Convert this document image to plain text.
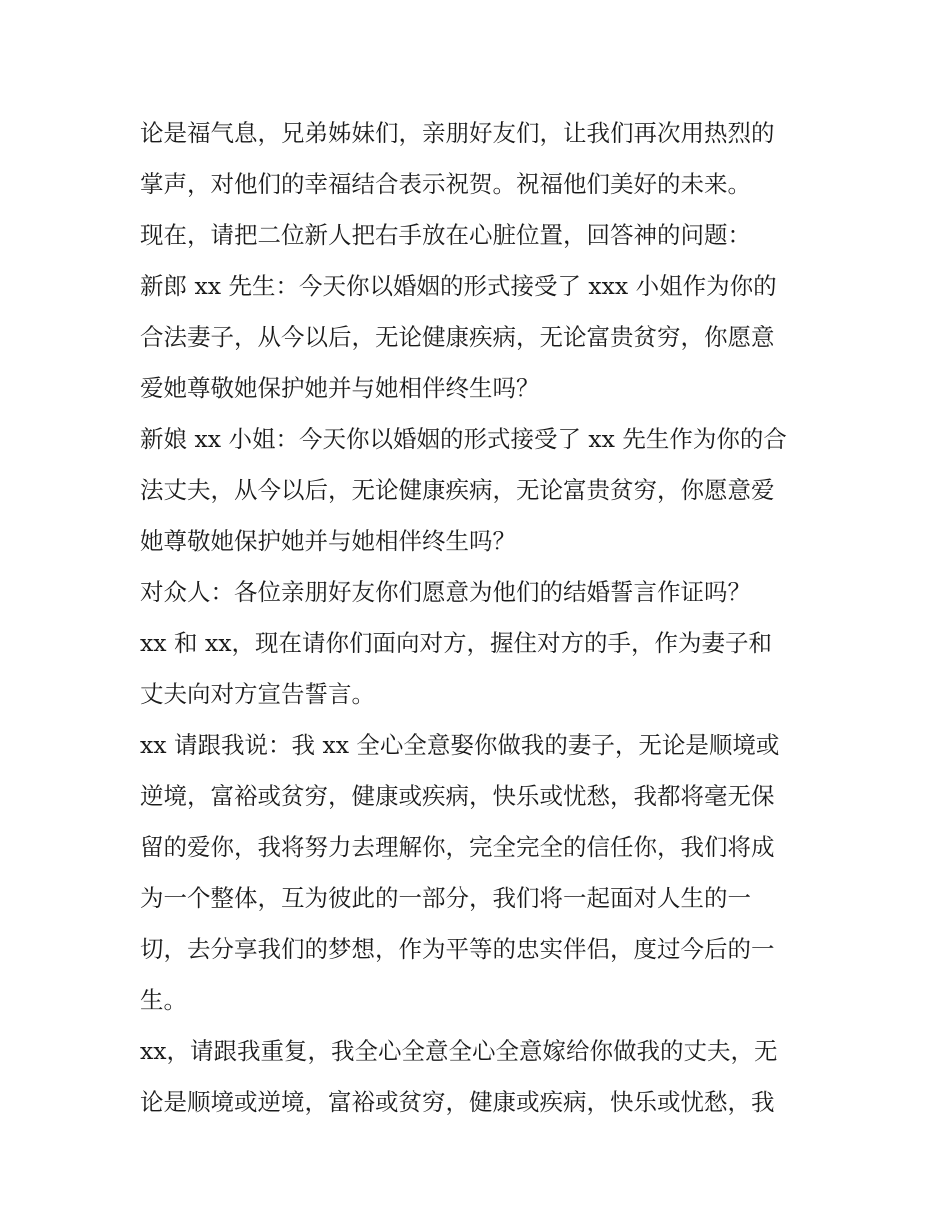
论是福气息，兄弟姊妹们，亲朋好友们，让我们再次用热烈的
掌声，对他们的幸福结合表示祝贺。祝福他们美好的未来。
现在，请把二位新人把右手放在心脏位置，回答神的问题：
新郎 xx 先生：今天你以婚姻的形式接受了 xxx 小姐作为你的
合法妻子，从今以后，无论健康疾病，无论富贵贫穷，你愿意
爱她尊敬她保护她并与她相伴终生吗？
新娘 xx 小姐：今天你以婚姻的形式接受了 xx 先生作为你的合
法丈夫，从今以后，无论健康疾病，无论富贵贫穷，你愿意爱
她尊敬她保护她并与她相伴终生吗？
对众人：各位亲朋好友你们愿意为他们的结婚誓言作证吗？
xx 和 xx，现在请你们面向对方，握住对方的手，作为妻子和
丈夫向对方宣告誓言。
xx 请跟我说：我 xx 全心全意娶你做我的妻子，无论是顺境或
逆境，富裕或贫穷，健康或疾病，快乐或忧愁，我都将毫无保
留的爱你，我将努力去理解你，完全完全的信任你，我们将成
为一个整体，互为彼此的一部分，我们将一起面对人生的一
切，去分享我们的梦想，作为平等的忠实伴侣，度过今后的一
生。
xx，请跟我重复，我全心全意全心全意嫁给你做我的丈夫，无
论是顺境或逆境，富裕或贫穷，健康或疾病，快乐或忧愁，我
